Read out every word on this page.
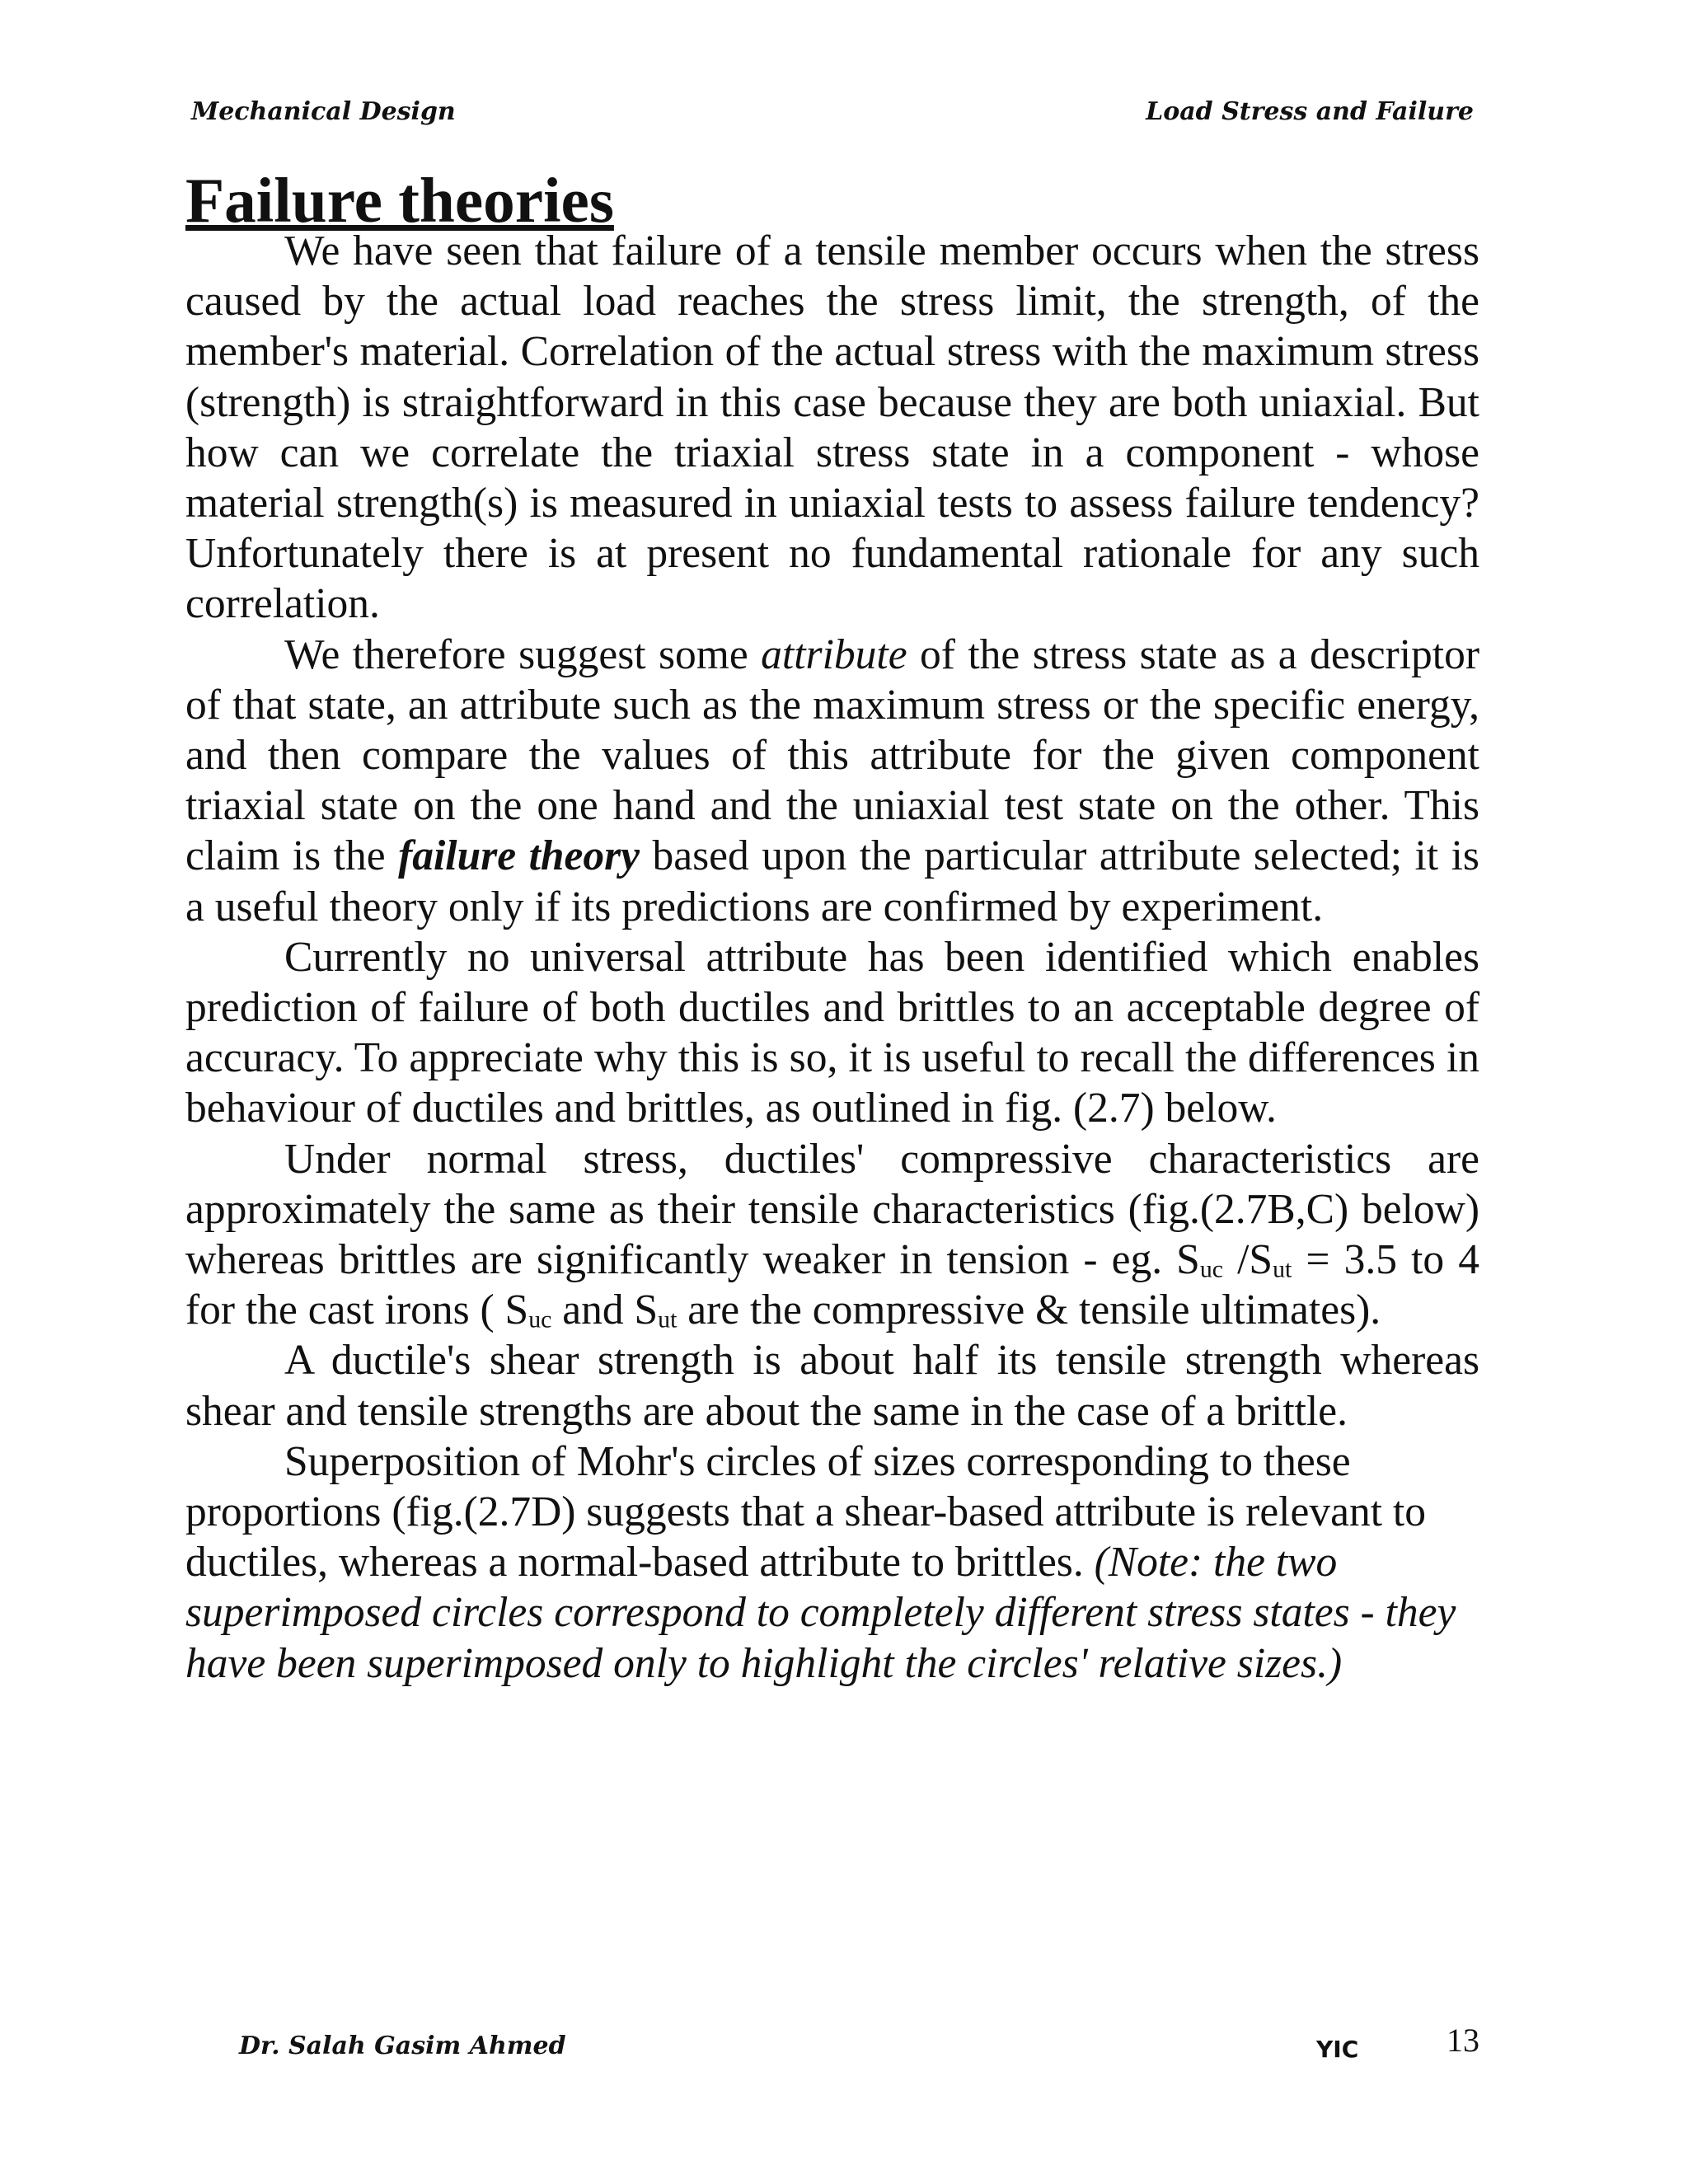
Mechanical Design	Load Stress and Failure
Failure theories

We have seen that failure of a tensile member occurs when the stress caused by the actual load reaches the stress limit, the strength, of the member's material. Correlation of the actual stress with the maximum stress (strength) is straightforward in this case because they are both uniaxial. But how can we correlate the triaxial stress state in a component - whose material strength(s) is measured in uniaxial tests to assess failure tendency? Unfortunately there is at present no fundamental rationale for any such correlation.

We therefore suggest some attribute of the stress state as a descriptor of that state, an attribute such as the maximum stress or the specific energy, and then compare the values of this attribute for the given component triaxial state on the one hand and the uniaxial test state on the other. This claim is the failure theory based upon the particular attribute selected; it is a useful theory only if its predictions are confirmed by experiment.

Currently no universal attribute has been identified which enables prediction of failure of both ductiles and brittles to an acceptable degree of accuracy. To appreciate why this is so, it is useful to recall the differences in behaviour of ductiles and brittles, as outlined in fig. (2.7) below.

Under normal stress, ductiles' compressive characteristics are approximately the same as their tensile characteristics (fig.(2.7B,C) below) whereas brittles are significantly weaker in tension - eg. $S_{uc}$ $/S_{ut} = 3.5$ to 4 for the cast irons ( $S_{uc}$ and $S_{ut}$ are the compressive & tensile ultimates).

A ductile's shear strength is about half its tensile strength whereas shear and tensile strengths are about the same in the case of a brittle.

Superposition of Mohr's circles of sizes corresponding to these proportions (fig.(2.7D) suggests that a shear-based attribute is relevant to ductiles, whereas a normal-based attribute to brittles. (Note: the two superimposed circles correspond to completely different stress states - they have been superimposed only to highlight the circles' relative sizes.)

Dr. Salah Gasim Ahmed	YIC	13
